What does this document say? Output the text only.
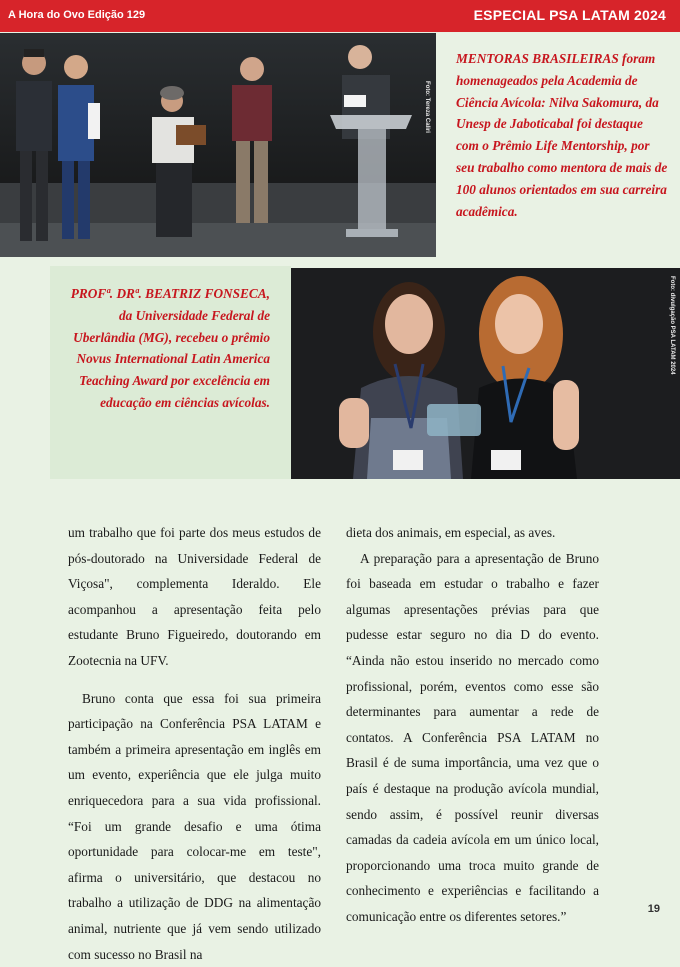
A Hora do Ovo Edição 129	ESPECIAL PSA LATAM 2024
Foto: Tereza Caliri
MENTORAS BRASILEIRAS foram homenageados pela Academia de Ciência Avícola: Nilva Sakomura, da Unesp de Jaboticabal foi destaque com o Prêmio Life Mentorship, por seu trabalho como mentora de mais de 100 alunos orientados em sua carreira acadêmica.
PROFª. DRª. BEATRIZ FONSECA, da Universidade Federal de Uberlândia (MG), recebeu o prêmio Novus International Latin America Teaching Award por excelência em educação em ciências avícolas.
Foto: divulgação PSA LATAM 2024

um trabalho que foi parte dos meus estudos de pós-doutorado na Universidade Federal de Viçosa", complementa Ideraldo. Ele acompanhou a apresentação feita pelo estudante Bruno Figueiredo, doutorando em Zootecnia na UFV.

Bruno conta que essa foi sua primeira participação na Conferência PSA LATAM e também a primeira apresentação em inglês em um evento, experiência que ele julga muito enriquecedora para a sua vida profissional. “Foi um grande desafio e uma ótima oportunidade para colocar-me em teste", afirma o universitário, que destacou no trabalho a utilização de DDG na alimentação animal, nutriente que já vem sendo utilizado com sucesso no Brasil na

dieta dos animais, em especial, as aves.

A preparação para a apresentação de Bruno foi baseada em estudar o trabalho e fazer algumas apresentações prévias para que pudesse estar seguro no dia D do evento. “Ainda não estou inserido no mercado como profissional, porém, eventos como esse são determinantes para aumentar a rede de contatos. A Conferência PSA LATAM no Brasil é de suma importância, uma vez que o país é destaque na produção avícola mundial, sendo assim, é possível reunir diversas camadas da cadeia avícola em um único local, proporcionando uma troca muito grande de conhecimento e experiências e facilitando a comunicação entre os diferentes setores.”	19
